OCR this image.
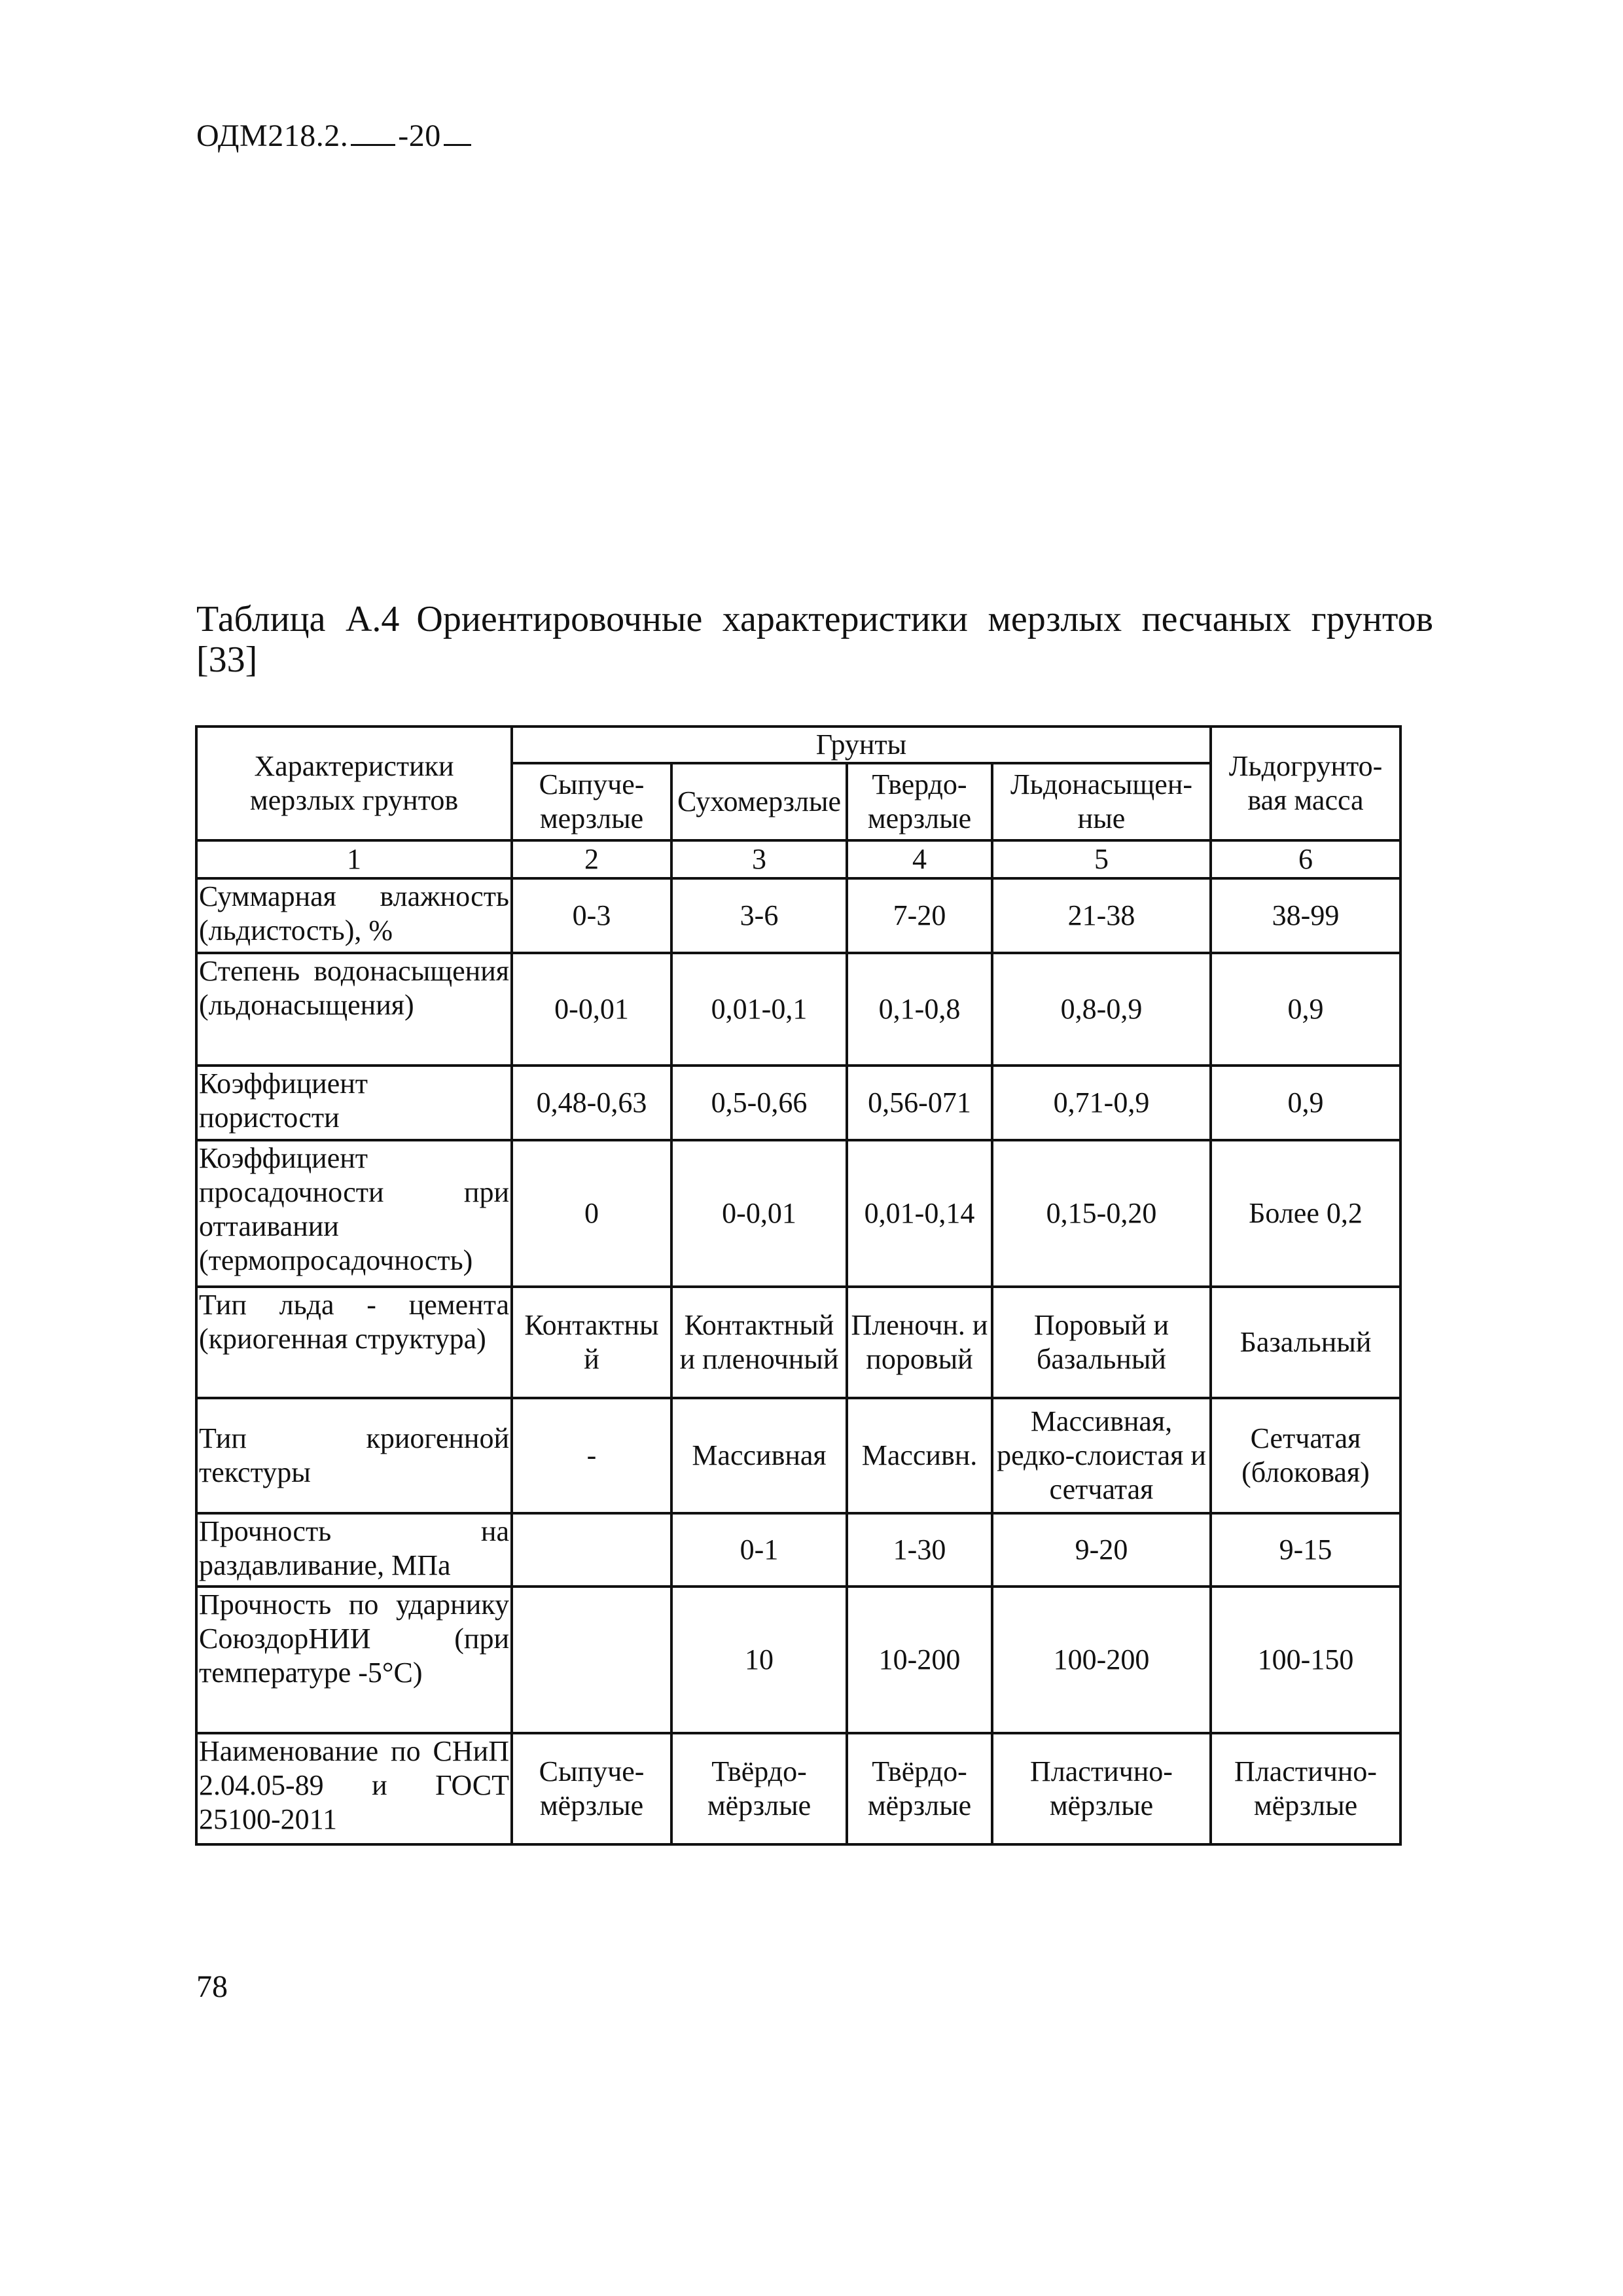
ОДМ218.2. -20
Таблица А.4 Ориентировочные характеристики мерзлых песчаных грунтов [33]
Характеристики мерзлых грунтов	Грунты				Льдогрунто-вая масса
	Сыпуче-мерзлые	Сухомерзлые	Твердо-мерзлые	Льдонасыщен-ные	
1	2	3	4	5	6
Суммарная влажность (льдистость), %	0-3	3-6	7-20	21-38	38-99
Степень водонасыщения (льдонасыщения)	0-0,01	0,01-0,1	0,1-0,8	0,8-0,9	0,9
Коэффициент пористости	0,48-0,63	0,5-0,66	0,56-071	0,71-0,9	0,9
Коэффициент просадочности при оттаивании (термопросадочность)	0	0-0,01	0,01-0,14	0,15-0,20	Более 0,2
Тип льда - цемента (криогенная структура)	Контактны й	Контактный и пленочный	Пленочн. и поровый	Поровый и базальный	Базальный
Тип криогенной текстуры	-	Массивная	Массивн.	Массивная, редко-слоистая и сетчатая	Сетчатая (блоковая)
Прочность на раздавливание, МПа		0-1	1-30	9-20	9-15
Прочность по ударнику СоюздорНИИ (при температуре -5°С)		10	10-200	100-200	100-150
Наименование по СНиП 2.04.05-89 и ГОСТ 25100-2011	Сыпуче-мёрзлые	Твёрдо-мёрзлые	Твёрдо-мёрзлые	Пластично-мёрзлые	Пластично-мёрзлые
78
